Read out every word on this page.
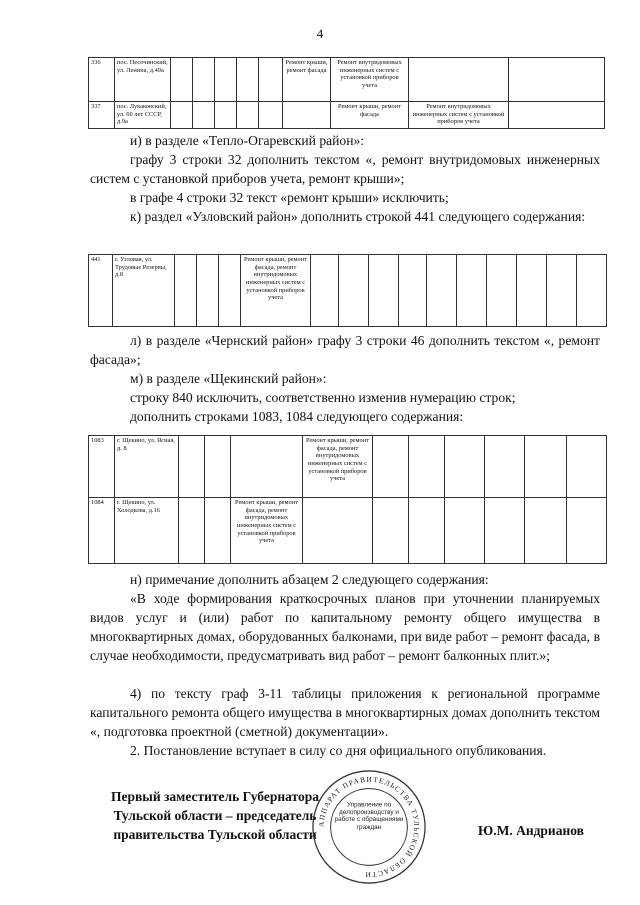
4
336	пос. Песочинский, ул. Ленина, д.49а						Ремонт крыши, ремонт фасада	Ремонт внутридомовых инженерных систем с установкой приборов учета		
337	пос. Лукаковский, ул. 60 лет СССР, д.9а							Ремонт крыши, ремонт фасада	Ремонт внутридомовых инженерных систем с установкой приборов учета	

и) в разделе «Тепло-Огаревский район»:

графу 3 строки 32 дополнить текстом «, ремонт внутридомовых инженерных систем с установкой приборов учета, ремонт крыши»;

в графе 4 строки 32 текст «ремонт крыши» исключить;

к) раздел «Узловский район» дополнить строкой 441 следующего содержания:

441	г. Узловая, ул. Трудовые Резервы, д.8				Ремонт крыши, ремонт фасада, ремонт внутридомовых инженерных систем с установкой приборов учета										

л) в разделе «Чернский район» графу 3 строки 46 дополнить текстом «, ремонт фасада»;

м) в разделе «Щекинский район»:

строку 840 исключить, соответственно изменив нумерацию строк;

дополнить строками 1083, 1084 следующего содержания:

1083	г. Щекино, ул. Ясная, д. 8				Ремонт крыши, ремонт фасада, ремонт внутридомовых инженерных систем с установкой приборов учета						
1084	г. Щекино, ул. Холодкова, д.16			Ремонт крыши, ремонт фасада, ремонт внутридомовых инженерных систем с установкой приборов учета							

н) примечание дополнить абзацем 2 следующего содержания:

«В ходе формирования краткосрочных планов при уточнении планируемых видов услуг и (или) работ по капитальному ремонту общего имущества в многоквартирных домах, оборудованных балконами, при виде работ – ремонт фасада, в случае необходимости, предусматривать вид работ – ремонт балконных плит.»;

4) по тексту граф 3-11 таблицы приложения к региональной программе капитального ремонта общего имущества в многоквартирных домах дополнить текстом «, подготовка проектной (сметной) документации».

2. Постановление вступает в силу со дня официального опубликования.

Первый заместитель Губернатора
Тульской области – председатель
правительства Тульской области	Ю.М. Андрианов
АППАРАТ ПРАВИТЕЛЬСТВА ТУЛЬСКОЙ ОБЛАСТИ
Управление по делопроизводству и работе с обращениями граждан
